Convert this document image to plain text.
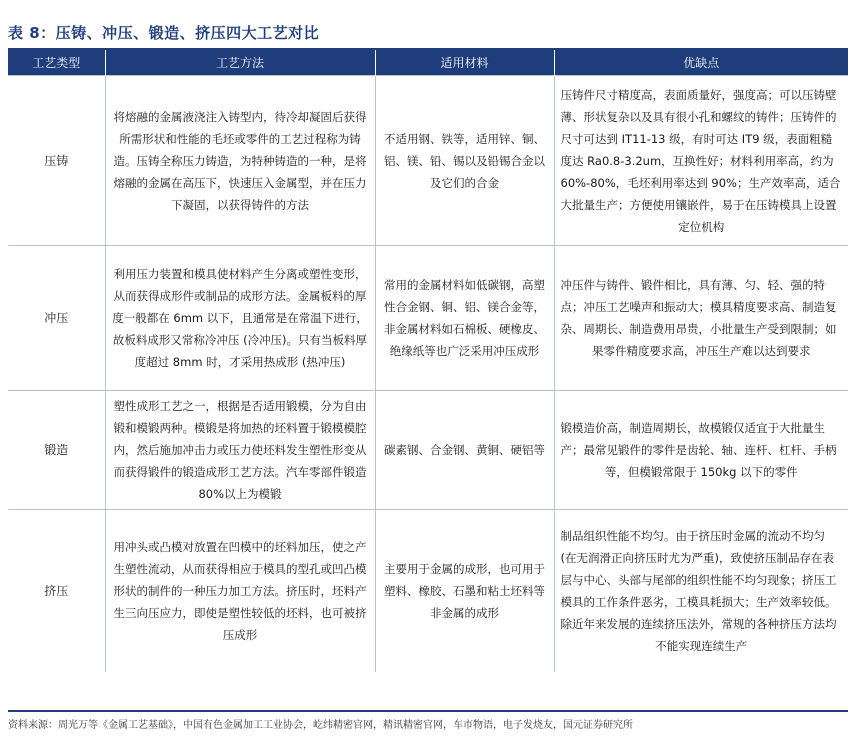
表 8：压铸、冲压、锻造、挤压四大工艺对比
工艺类型	工艺方法	适用材料	优缺点
压铸	将熔融的金属液浇注入铸型内，待冷却凝固后获得所需形状和性能的毛坯或零件的工艺过程称为铸造。压铸全称压力铸造，为特种铸造的一种，是将熔融的金属在高压下，快速压入金属型，并在压力下凝固，以获得铸件的方法	不适用钢、铁等，适用锌、铜、铝、镁、铅、锡以及铅锡合金以及它们的合金	压铸件尺寸精度高，表面质量好，强度高；可以压铸壁薄、形状复杂以及具有很小孔和螺纹的铸件；压铸件的尺寸可达到 IT11-13 级，有时可达 IT9 级，表面粗糙度达 Ra0.8-3.2um，互换性好；材料利用率高，约为 60%-80%，毛坯利用率达到 90%；生产效率高，适合大批量生产；方便使用镶嵌件，易于在压铸模具上设置定位机构
冲压	利用压力装置和模具使材料产生分离或塑性变形，从而获得成形件或制品的成形方法。金属板料的厚度一般都在 6mm 以下，且通常是在常温下进行，故板料成形又常称冷冲压 (冷冲压)。只有当板料厚度超过 8mm 时，才采用热成形 (热冲压)	常用的金属材料如低碳钢，高塑性合金钢、铜、铝、镁合金等，非金属材料如石棉板、硬橡皮、绝缘纸等也广泛采用冲压成形	冲压件与铸件、锻件相比，具有薄、匀、轻、强的特点；冲压工艺噪声和振动大；模具精度要求高、制造复杂、周期长、制造费用昂贵，小批量生产受到限制；如果零件精度要求高，冲压生产难以达到要求
锻造	塑性成形工艺之一，根据是否适用锻模，分为自由锻和模锻两种。模锻是将加热的坯料置于锻模模腔内，然后施加冲击力或压力使坯料发生塑性形变从而获得锻件的锻造成形工艺方法。汽车零部件锻造 80%以上为模锻	碳素钢、合金钢、黄铜、硬铝等	锻模造价高，制造周期长，故模锻仅适宜于大批量生产；最常见锻件的零件是齿轮、轴、连杆、杠杆、手柄等，但模锻常限于 150kg 以下的零件
挤压	用冲头或凸模对放置在凹模中的坯料加压，使之产生塑性流动，从而获得相应于模具的型孔或凹凸模形状的制件的一种压力加工方法。挤压时，坯料产生三向压应力，即使是塑性较低的坯料，也可被挤压成形	主要用于金属的成形，也可用于塑料、橡胶、石墨和粘土坯料等非金属的成形	制品组织性能不均匀。由于挤压时金属的流动不均匀 (在无润滑正向挤压时尤为严重)，致使挤压制品存在表层与中心、头部与尾部的组织性能不均匀现象；挤压工模具的工作条件恶劣，工模具耗损大；生产效率较低。除近年来发展的连续挤压法外，常规的各种挤压方法均不能实现连续生产
资料来源：周光万等《金属工艺基础》，中国有色金属加工工业协会，屹纬精密官网，精讯精密官网，车市物语，电子发烧友，国元证券研究所
